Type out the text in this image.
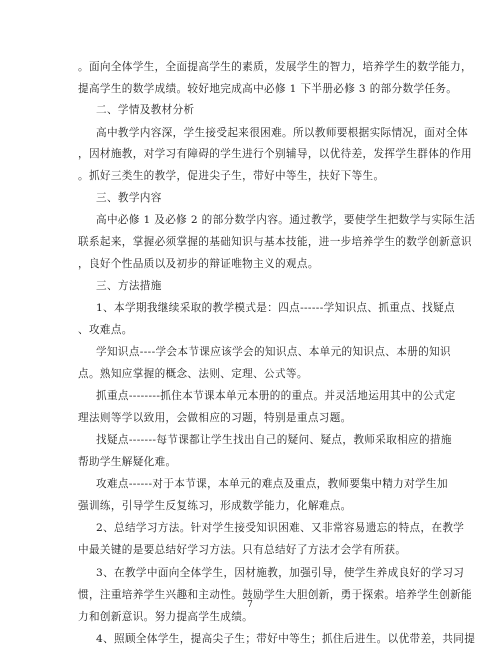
。面向全体学生，全面提高学生的素质，发展学生的智力，培养学生的数学能力，
提高学生的数学成绩。较好地完成高中必修 1 下半册必修 3 的部分数学任务。
二、学情及教材分析
高中教学内容深，学生接受起来很困难。所以教师要根据实际情况，面对全体
，因材施教，对学习有障碍的学生进行个别辅导，以优待差，发挥学生群体的作用
。抓好三类生的教学，促进尖子生，带好中等生，扶好下等生。
三、教学内容
高中必修 1 及必修 2 的部分数学内容。通过教学，要使学生把数学与实际生活
联系起来，掌握必须掌握的基础知识与基本技能，进一步培养学生的数学创新意识
，良好个性品质以及初步的辩证唯物主义的观点。
三、方法措施
1、本学期我继续采取的教学模式是：四点------学知识点、抓重点、找疑点
、攻难点。
学知识点----学会本节课应该学会的知识点、本单元的知识点、本册的知识
点。熟知应掌握的概念、法则、定理、公式等。
抓重点--------抓住本节课本单元本册的的重点。并灵活地运用其中的公式定
理法则等学以致用，会做相应的习题，特别是重点习题。
找疑点-------每节课都让学生找出自己的疑问、疑点，教师采取相应的措施
帮助学生解疑化难。
攻难点------对于本节课，本单元的难点及重点，教师要集中精力对学生加
强训练，引导学生反复练习，形成数学能力，化解难点。
2、总结学习方法。针对学生接受知识困难、又非常容易遗忘的特点，在教学
中最关键的是要总结好学习方法。只有总结好了方法才会学有所获。
3、在教学中面向全体学生，因材施教，加强引导，使学生养成良好的学习习
惯，注重培养学生兴趣和主动性。鼓励学生大胆创新，勇于探索。培养学生创新能
力和创新意识。努力提高学生成绩。
4、照顾全体学生，提高尖子生；带好中等生；抓住后进生。以优带差，共同提
7
